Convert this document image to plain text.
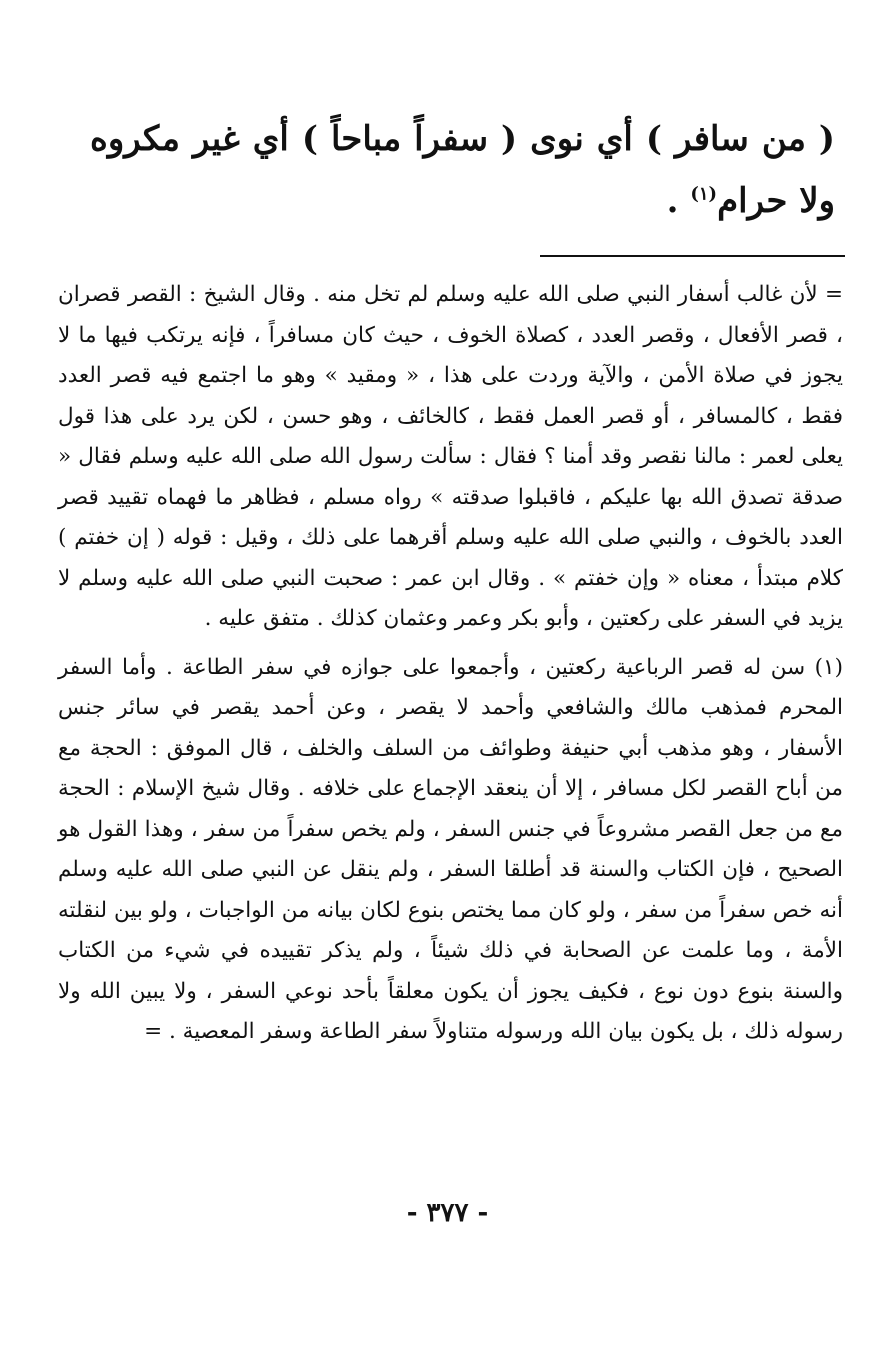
( من سافر ) أي نوى ( سفراً مباحاً ) أي غير مكروه ولا حرام$^{(١)}$ .

= لأن غالب أسفار النبي صلى الله عليه وسلم لم تخل منه . وقال الشيخ : القصر قصران ، قصر الأفعال ، وقصر العدد ، كصلاة الخوف ، حيث كان مسافراً ، فإنه يرتكب فيها ما لا يجوز في صلاة الأمن ، والآية وردت على هذا ، « ومقيد » وهو ما اجتمع فيه قصر العدد فقط ، كالمسافر ، أو قصر العمل فقط ، كالخائف ، وهو حسن ، لكن يرد على هذا قول يعلى لعمر : مالنا نقصر وقد أمنا ؟ فقال : سألت رسول الله صلى الله عليه وسلم فقال « صدقة تصدق الله بها عليكم ، فاقبلوا صدقته » رواه مسلم ، فظاهر ما فهماه تقييد قصر العدد بالخوف ، والنبي صلى الله عليه وسلم أقرهما على ذلك ، وقيل : قوله ( إن خفتم ) كلام مبتدأ ، معناه « وإن خفتم » . وقال ابن عمر : صحبت النبي صلى الله عليه وسلم لا يزيد في السفر على ركعتين ، وأبو بكر وعمر وعثمان كذلك . متفق عليه .

(١) سن له قصر الرباعية ركعتين ، وأجمعوا على جوازه في سفر الطاعة . وأما السفر المحرم فمذهب مالك والشافعي وأحمد لا يقصر ، وعن أحمد يقصر في سائر جنس الأسفار ، وهو مذهب أبي حنيفة وطوائف من السلف والخلف ، قال الموفق : الحجة مع من أباح القصر لكل مسافر ، إلا أن ينعقد الإجماع على خلافه . وقال شيخ الإسلام : الحجة مع من جعل القصر مشروعاً في جنس السفر ، ولم يخص سفراً من سفر ، وهذا القول هو الصحيح ، فإن الكتاب والسنة قد أطلقا السفر ، ولم ينقل عن النبي صلى الله عليه وسلم أنه خص سفراً من سفر ، ولو كان مما يختص بنوع لكان بيانه من الواجبات ، ولو بين لنقلته الأمة ، وما علمت عن الصحابة في ذلك شيئاً ، ولم يذكر تقييده في شيء من الكتاب والسنة بنوع دون نوع ، فكيف يجوز أن يكون معلقاً بأحد نوعي السفر ، ولا يبين الله ولا رسوله ذلك ، بل يكون بيان الله ورسوله متناولاً سفر الطاعة وسفر المعصية . =

- ٣٧٧ -
